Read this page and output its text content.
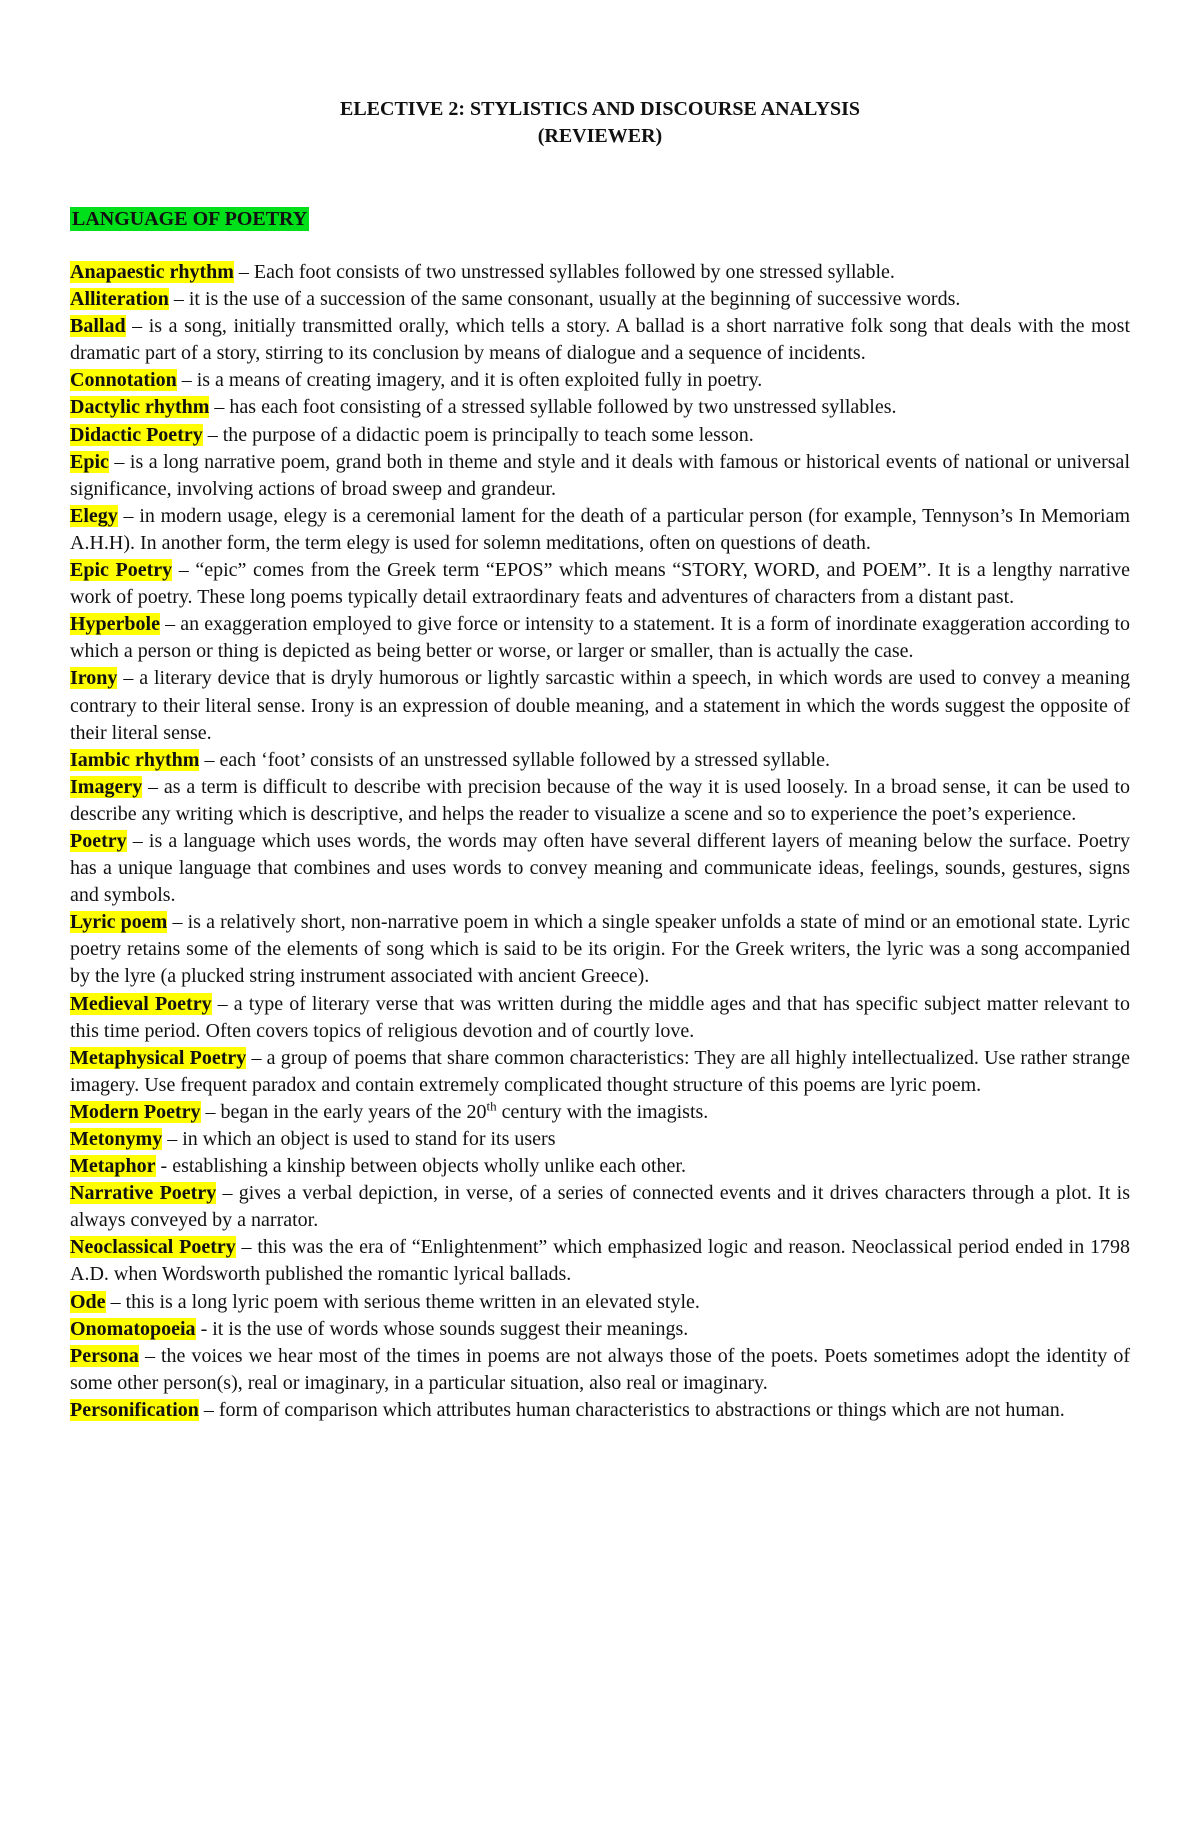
ELECTIVE 2: STYLISTICS AND DISCOURSE ANALYSIS

(REVIEWER)

LANGUAGE OF POETRY

Anapaestic rhythm – Each foot consists of two unstressed syllables followed by one stressed syllable.

Alliteration – it is the use of a succession of the same consonant, usually at the beginning of successive words.

Ballad – is a song, initially transmitted orally, which tells a story. A ballad is a short narrative folk song that deals with the most dramatic part of a story, stirring to its conclusion by means of dialogue and a sequence of incidents.

Connotation – is a means of creating imagery, and it is often exploited fully in poetry.

Dactylic rhythm – has each foot consisting of a stressed syllable followed by two unstressed syllables.

Didactic Poetry – the purpose of a didactic poem is principally to teach some lesson.

Epic – is a long narrative poem, grand both in theme and style and it deals with famous or historical events of national or universal significance, involving actions of broad sweep and grandeur.

Elegy – in modern usage, elegy is a ceremonial lament for the death of a particular person (for example, Tennyson’s In Memoriam A.H.H). In another form, the term elegy is used for solemn meditations, often on questions of death.

Epic Poetry – “epic” comes from the Greek term “EPOS” which means “STORY, WORD, and POEM”. It is a lengthy narrative work of poetry. These long poems typically detail extraordinary feats and adventures of characters from a distant past.

Hyperbole – an exaggeration employed to give force or intensity to a statement. It is a form of inordinate exaggeration according to which a person or thing is depicted as being better or worse, or larger or smaller, than is actually the case.

Irony – a literary device that is dryly humorous or lightly sarcastic within a speech, in which words are used to convey a meaning contrary to their literal sense. Irony is an expression of double meaning, and a statement in which the words suggest the opposite of their literal sense.

Iambic rhythm – each ‘foot’ consists of an unstressed syllable followed by a stressed syllable.

Imagery – as a term is difficult to describe with precision because of the way it is used loosely. In a broad sense, it can be used to describe any writing which is descriptive, and helps the reader to visualize a scene and so to experience the poet’s experience.

Poetry – is a language which uses words, the words may often have several different layers of meaning below the surface. Poetry has a unique language that combines and uses words to convey meaning and communicate ideas, feelings, sounds, gestures, signs and symbols.

Lyric poem – is a relatively short, non-narrative poem in which a single speaker unfolds a state of mind or an emotional state. Lyric poetry retains some of the elements of song which is said to be its origin. For the Greek writers, the lyric was a song accompanied by the lyre (a plucked string instrument associated with ancient Greece).

Medieval Poetry – a type of literary verse that was written during the middle ages and that has specific subject matter relevant to this time period. Often covers topics of religious devotion and of courtly love.

Metaphysical Poetry – a group of poems that share common characteristics: They are all highly intellectualized. Use rather strange imagery. Use frequent paradox and contain extremely complicated thought structure of this poems are lyric poem.

Modern Poetry – began in the early years of the 20th century with the imagists.

Metonymy – in which an object is used to stand for its users

Metaphor - establishing a kinship between objects wholly unlike each other.

Narrative Poetry – gives a verbal depiction, in verse, of a series of connected events and it drives characters through a plot. It is always conveyed by a narrator.

Neoclassical Poetry – this was the era of “Enlightenment” which emphasized logic and reason. Neoclassical period ended in 1798 A.D. when Wordsworth published the romantic lyrical ballads.

Ode – this is a long lyric poem with serious theme written in an elevated style.

Onomatopoeia - it is the use of words whose sounds suggest their meanings.

Persona – the voices we hear most of the times in poems are not always those of the poets. Poets sometimes adopt the identity of some other person(s), real or imaginary, in a particular situation, also real or imaginary.

Personification – form of comparison which attributes human characteristics to abstractions or things which are not human.
